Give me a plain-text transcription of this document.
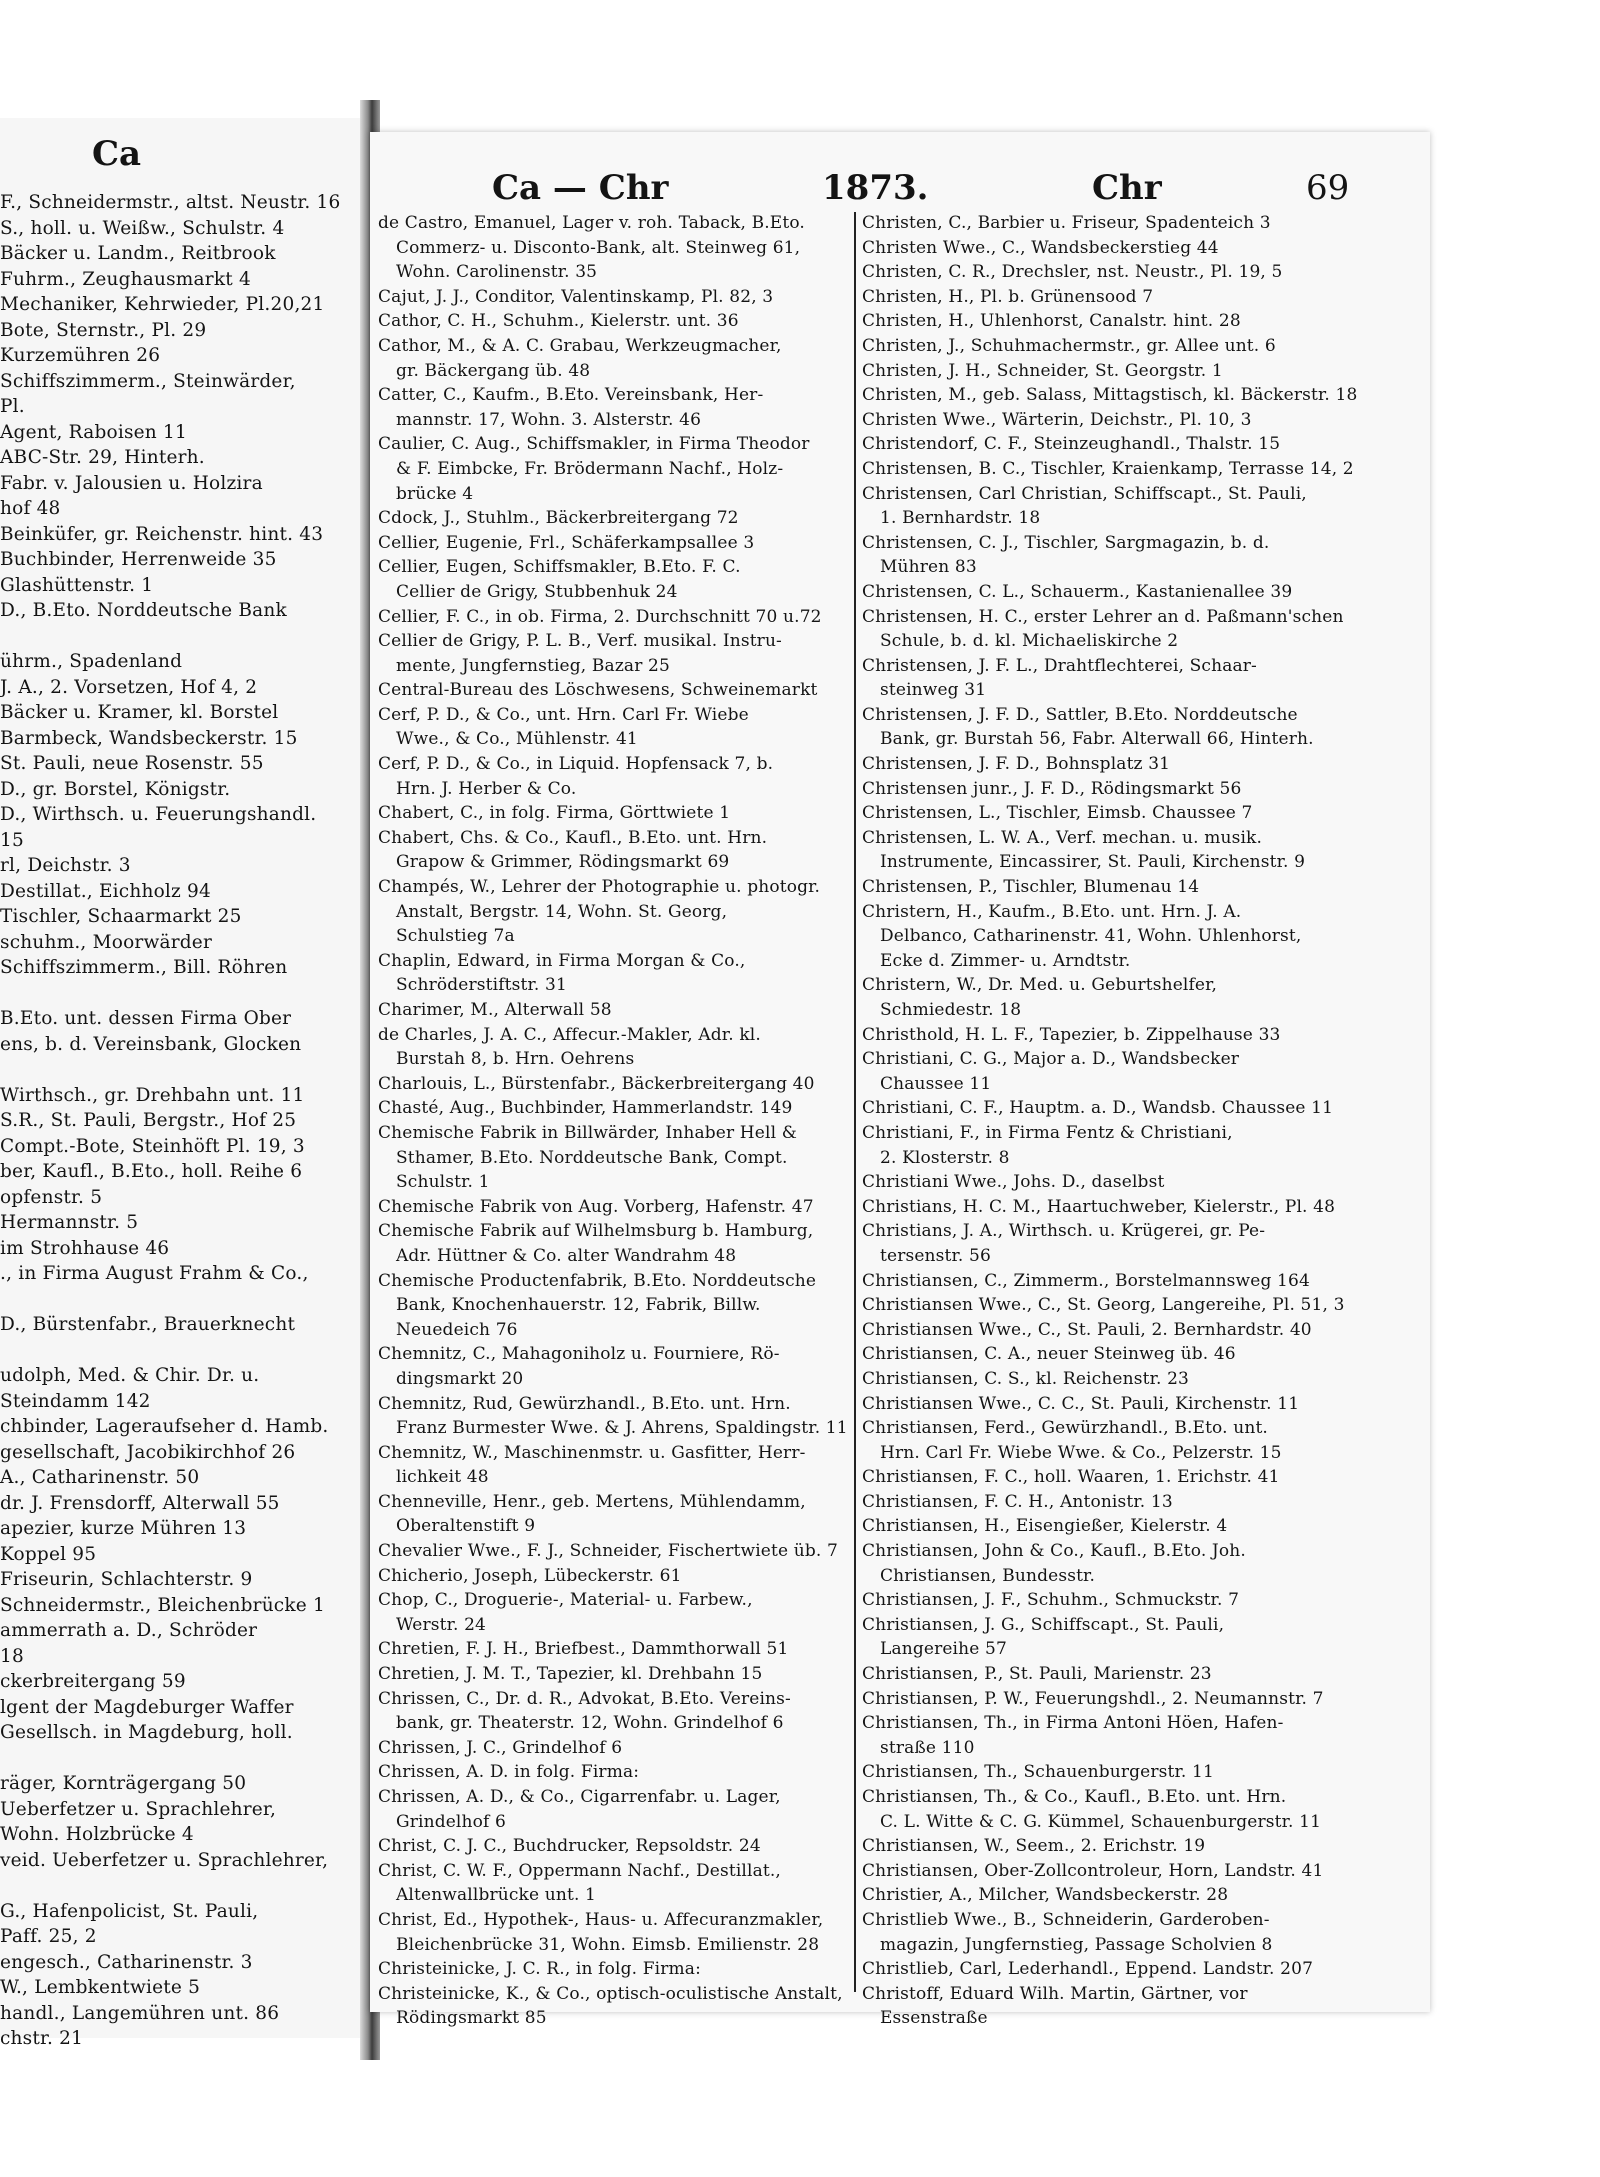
Ca
F., Schneidermstr., altst. Neustr. 16
S., holl. u. Weißw., Schulstr. 4
Bäcker u. Landm., Reitbrook
Fuhrm., Zeughausmarkt 4
Mechaniker, Kehrwieder, Pl.20,21
Bote, Sternstr., Pl. 29
Kurzemühren 26
Schiffszimmerm., Steinwärder,
Pl.
Agent, Raboisen 11
ABC-Str. 29, Hinterh.
Fabr. v. Jalousien u. Holzira
hof 48
Beinküfer, gr. Reichenstr. hint. 43
Buchbinder, Herrenweide 35
Glashüttenstr. 1
D., B.Eto. Norddeutsche Bank
ührm., Spadenland
J. A., 2. Vorsetzen, Hof 4, 2
Bäcker u. Kramer, kl. Borstel
Barmbeck, Wandsbeckerstr. 15
St. Pauli, neue Rosenstr. 55
D., gr. Borstel, Königstr.
D., Wirthsch. u. Feuerungshandl.
15
rl, Deichstr. 3
Destillat., Eichholz 94
Tischler, Schaarmarkt 25
schuhm., Moorwärder
Schiffszimmerm., Bill. Röhren
B.Eto. unt. dessen Firma Ober
ens, b. d. Vereinsbank, Glocken
Wirthsch., gr. Drehbahn unt. 11
S.R., St. Pauli, Bergstr., Hof 25
Compt.-Bote, Steinhöft Pl. 19, 3
ber, Kaufl., B.Eto., holl. Reihe 6
opfenstr. 5
Hermannstr. 5
im Strohhause 46
., in Firma August Frahm & Co.,
D., Bürstenfabr., Brauerknecht
udolph, Med. & Chir. Dr. u.
Steindamm 142
chbinder, Lageraufseher d. Hamb.
gesellschaft, Jacobikirchhof 26
A., Catharinenstr. 50
dr. J. Frensdorff, Alterwall 55
apezier, kurze Mühren 13
Koppel 95
Friseurin, Schlachterstr. 9
Schneidermstr., Bleichenbrücke 1
ammerrath a. D., Schröder
18
ckerbreitergang 59
lgent der Magdeburger Waffer
Gesellsch. in Magdeburg, holl.
räger, Kornträgergang 50
Ueberfetzer u. Sprachlehrer,
Wohn. Holzbrücke 4
veid. Ueberfetzer u. Sprachlehrer,
G., Hafenpolicist, St. Pauli,
Paff. 25, 2
engesch., Catharinenstr. 3
W., Lembkentwiete 5
handl., Langemühren unt. 86
chstr. 21
Ca — Chr	1873.	Chr	69
de Castro, Emanuel, Lager v. roh. Taback, B.Eto.
Commerz- u. Disconto-Bank, alt. Steinweg 61,
Wohn. Carolinenstr. 35
Cajut, J. J., Conditor, Valentinskamp, Pl. 82, 3
Cathor, C. H., Schuhm., Kielerstr. unt. 36
Cathor, M., & A. C. Grabau, Werkzeugmacher,
gr. Bäckergang üb. 48
Catter, C., Kaufm., B.Eto. Vereinsbank, Her-
mannstr. 17, Wohn. 3. Alsterstr. 46
Caulier, C. Aug., Schiffsmakler, in Firma Theodor
& F. Eimbcke, Fr. Brödermann Nachf., Holz-
brücke 4
Cdock, J., Stuhlm., Bäckerbreitergang 72
Cellier, Eugenie, Frl., Schäferkampsallee 3
Cellier, Eugen, Schiffsmakler, B.Eto. F. C.
Cellier de Grigy, Stubbenhuk 24
Cellier, F. C., in ob. Firma, 2. Durchschnitt 70 u.72
Cellier de Grigy, P. L. B., Verf. musikal. Instru-
mente, Jungfernstieg, Bazar 25
Central-Bureau des Löschwesens, Schweinemarkt
Cerf, P. D., & Co., unt. Hrn. Carl Fr. Wiebe
Wwe., & Co., Mühlenstr. 41
Cerf, P. D., & Co., in Liquid. Hopfensack 7, b.
Hrn. J. Herber & Co.
Chabert, C., in folg. Firma, Görttwiete 1
Chabert, Chs. & Co., Kaufl., B.Eto. unt. Hrn.
Grapow & Grimmer, Rödingsmarkt 69
Champés, W., Lehrer der Photographie u. photogr.
Anstalt, Bergstr. 14, Wohn. St. Georg,
Schulstieg 7a
Chaplin, Edward, in Firma Morgan & Co.,
Schröderstiftstr. 31
Charimer, M., Alterwall 58
de Charles, J. A. C., Affecur.-Makler, Adr. kl.
Burstah 8, b. Hrn. Oehrens
Charlouis, L., Bürstenfabr., Bäckerbreitergang 40
Chasté, Aug., Buchbinder, Hammerlandstr. 149
Chemische Fabrik in Billwärder, Inhaber Hell &
Sthamer, B.Eto. Norddeutsche Bank, Compt.
Schulstr. 1
Chemische Fabrik von Aug. Vorberg, Hafenstr. 47
Chemische Fabrik auf Wilhelmsburg b. Hamburg,
Adr. Hüttner & Co. alter Wandrahm 48
Chemische Productenfabrik, B.Eto. Norddeutsche
Bank, Knochenhauerstr. 12, Fabrik, Billw.
Neuedeich 76
Chemnitz, C., Mahagoniholz u. Fourniere, Rö-
dingsmarkt 20
Chemnitz, Rud, Gewürzhandl., B.Eto. unt. Hrn.
Franz Burmester Wwe. & J. Ahrens, Spaldingstr. 11
Chemnitz, W., Maschinenmstr. u. Gasfitter, Herr-
lichkeit 48
Chenneville, Henr., geb. Mertens, Mühlendamm,
Oberaltenstift 9
Chevalier Wwe., F. J., Schneider, Fischertwiete üb. 7
Chicherio, Joseph, Lübeckerstr. 61
Chop, C., Droguerie-, Material- u. Farbew.,
Werstr. 24
Chretien, F. J. H., Briefbest., Dammthorwall 51
Chretien, J. M. T., Tapezier, kl. Drehbahn 15
Chrissen, C., Dr. d. R., Advokat, B.Eto. Vereins-
bank, gr. Theaterstr. 12, Wohn. Grindelhof 6
Chrissen, J. C., Grindelhof 6
Chrissen, A. D. in folg. Firma:
Chrissen, A. D., & Co., Cigarrenfabr. u. Lager,
Grindelhof 6
Christ, C. J. C., Buchdrucker, Repsoldstr. 24
Christ, C. W. F., Oppermann Nachf., Destillat.,
Altenwallbrücke unt. 1
Christ, Ed., Hypothek-, Haus- u. Affecuranzmakler,
Bleichenbrücke 31, Wohn. Eimsb. Emilienstr. 28
Christeinicke, J. C. R., in folg. Firma:
Christeinicke, K., & Co., optisch-oculistische Anstalt,
Rödingsmarkt 85
Christen, C., Barbier u. Friseur, Spadenteich 3
Christen Wwe., C., Wandsbeckerstieg 44
Christen, C. R., Drechsler, nst. Neustr., Pl. 19, 5
Christen, H., Pl. b. Grünensood 7
Christen, H., Uhlenhorst, Canalstr. hint. 28
Christen, J., Schuhmachermstr., gr. Allee unt. 6
Christen, J. H., Schneider, St. Georgstr. 1
Christen, M., geb. Salass, Mittagstisch, kl. Bäckerstr. 18
Christen Wwe., Wärterin, Deichstr., Pl. 10, 3
Christendorf, C. F., Steinzeughandl., Thalstr. 15
Christensen, B. C., Tischler, Kraienkamp, Terrasse 14, 2
Christensen, Carl Christian, Schiffscapt., St. Pauli,
1. Bernhardstr. 18
Christensen, C. J., Tischler, Sargmagazin, b. d.
Mühren 83
Christensen, C. L., Schauerm., Kastanienallee 39
Christensen, H. C., erster Lehrer an d. Paßmann'schen
Schule, b. d. kl. Michaeliskirche 2
Christensen, J. F. L., Drahtflechterei, Schaar-
steinweg 31
Christensen, J. F. D., Sattler, B.Eto. Norddeutsche
Bank, gr. Burstah 56, Fabr. Alterwall 66, Hinterh.
Christensen, J. F. D., Bohnsplatz 31
Christensen junr., J. F. D., Rödingsmarkt 56
Christensen, L., Tischler, Eimsb. Chaussee 7
Christensen, L. W. A., Verf. mechan. u. musik.
Instrumente, Eincassirer, St. Pauli, Kirchenstr. 9
Christensen, P., Tischler, Blumenau 14
Christern, H., Kaufm., B.Eto. unt. Hrn. J. A.
Delbanco, Catharinenstr. 41, Wohn. Uhlenhorst,
Ecke d. Zimmer- u. Arndtstr.
Christern, W., Dr. Med. u. Geburtshelfer,
Schmiedestr. 18
Christhold, H. L. F., Tapezier, b. Zippelhause 33
Christiani, C. G., Major a. D., Wandsbecker
Chaussee 11
Christiani, C. F., Hauptm. a. D., Wandsb. Chaussee 11
Christiani, F., in Firma Fentz & Christiani,
2. Klosterstr. 8
Christiani Wwe., Johs. D., daselbst
Christians, H. C. M., Haartuchweber, Kielerstr., Pl. 48
Christians, J. A., Wirthsch. u. Krügerei, gr. Pe-
tersenstr. 56
Christiansen, C., Zimmerm., Borstelmannsweg 164
Christiansen Wwe., C., St. Georg, Langereihe, Pl. 51, 3
Christiansen Wwe., C., St. Pauli, 2. Bernhardstr. 40
Christiansen, C. A., neuer Steinweg üb. 46
Christiansen, C. S., kl. Reichenstr. 23
Christiansen Wwe., C. C., St. Pauli, Kirchenstr. 11
Christiansen, Ferd., Gewürzhandl., B.Eto. unt.
Hrn. Carl Fr. Wiebe Wwe. & Co., Pelzerstr. 15
Christiansen, F. C., holl. Waaren, 1. Erichstr. 41
Christiansen, F. C. H., Antonistr. 13
Christiansen, H., Eisengießer, Kielerstr. 4
Christiansen, John & Co., Kaufl., B.Eto. Joh.
Christiansen, Bundesstr.
Christiansen, J. F., Schuhm., Schmuckstr. 7
Christiansen, J. G., Schiffscapt., St. Pauli,
Langereihe 57
Christiansen, P., St. Pauli, Marienstr. 23
Christiansen, P. W., Feuerungshdl., 2. Neumannstr. 7
Christiansen, Th., in Firma Antoni Höen, Hafen-
straße 110
Christiansen, Th., Schauenburgerstr. 11
Christiansen, Th., & Co., Kaufl., B.Eto. unt. Hrn.
C. L. Witte & C. G. Kümmel, Schauenburgerstr. 11
Christiansen, W., Seem., 2. Erichstr. 19
Christiansen, Ober-Zollcontroleur, Horn, Landstr. 41
Christier, A., Milcher, Wandsbeckerstr. 28
Christlieb Wwe., B., Schneiderin, Garderoben-
magazin, Jungfernstieg, Passage Scholvien 8
Christlieb, Carl, Lederhandl., Eppend. Landstr. 207
Christoff, Eduard Wilh. Martin, Gärtner, vor
Essenstraße
